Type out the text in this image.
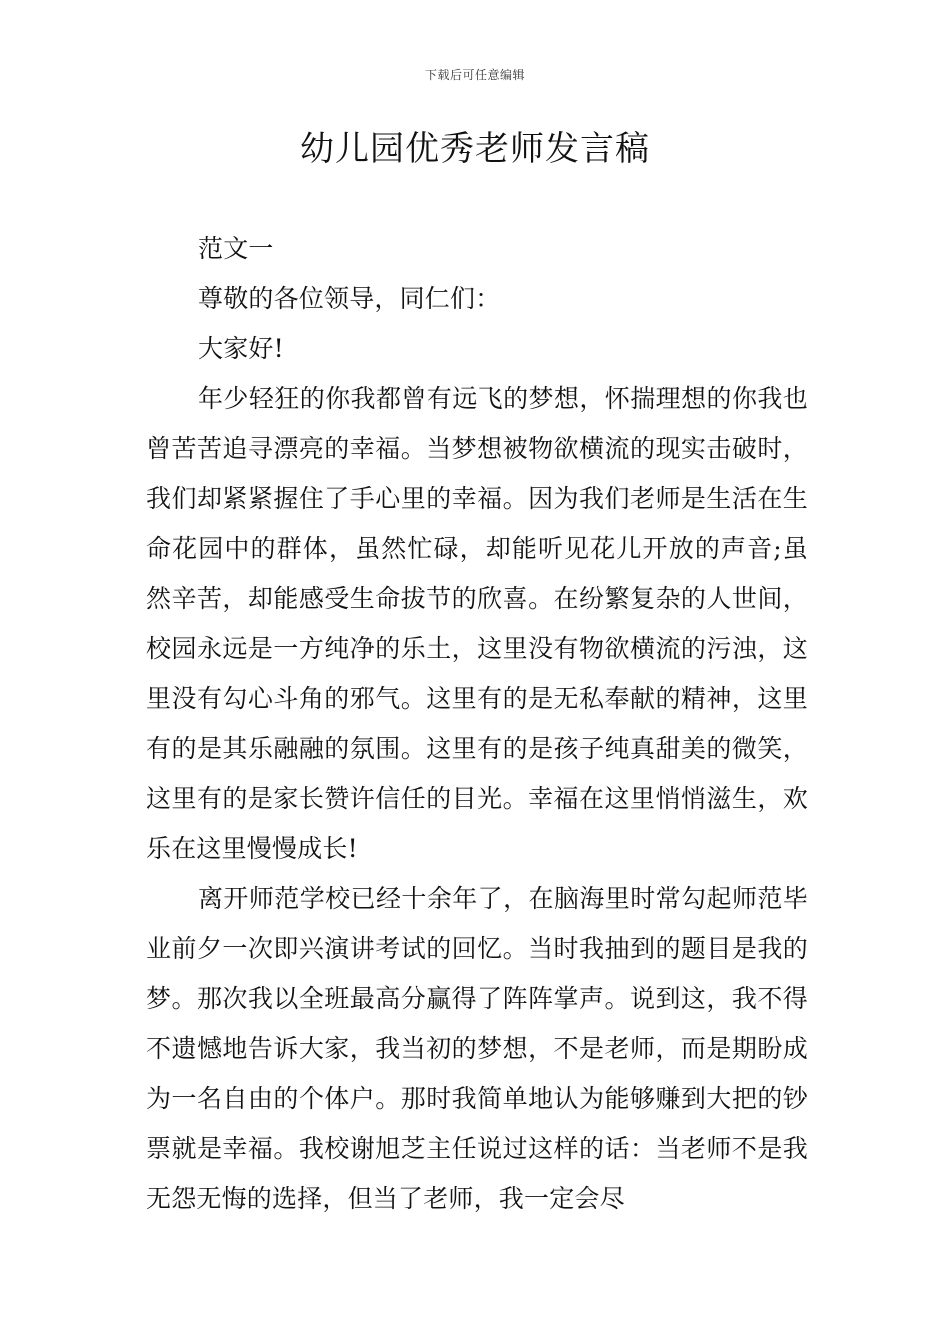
下载后可任意编辑
幼儿园优秀老师发言稿

范文一

尊敬的各位领导，同仁们：

大家好!

年少轻狂的你我都曾有远飞的梦想，怀揣理想的你我也曾苦苦追寻漂亮的幸福。当梦想被物欲横流的现实击破时，我们却紧紧握住了手心里的幸福。因为我们老师是生活在生命花园中的群体，虽然忙碌，却能听见花儿开放的声音;虽然辛苦，却能感受生命拔节的欣喜。在纷繁复杂的人世间，校园永远是一方纯净的乐土，这里没有物欲横流的污浊，这里没有勾心斗角的邪气。这里有的是无私奉献的精神，这里有的是其乐融融的氛围。这里有的是孩子纯真甜美的微笑，这里有的是家长赞许信任的目光。幸福在这里悄悄滋生，欢乐在这里慢慢成长!

离开师范学校已经十余年了，在脑海里时常勾起师范毕业前夕一次即兴演讲考试的回忆。当时我抽到的题目是我的梦。那次我以全班最高分赢得了阵阵掌声。说到这，我不得不遗憾地告诉大家，我当初的梦想，不是老师，而是期盼成为一名自由的个体户。那时我简单地认为能够赚到大把的钞票就是幸福。我校谢旭芝主任说过这样的话：当老师不是我无怨无悔的选择，但当了老师，我一定会尽
